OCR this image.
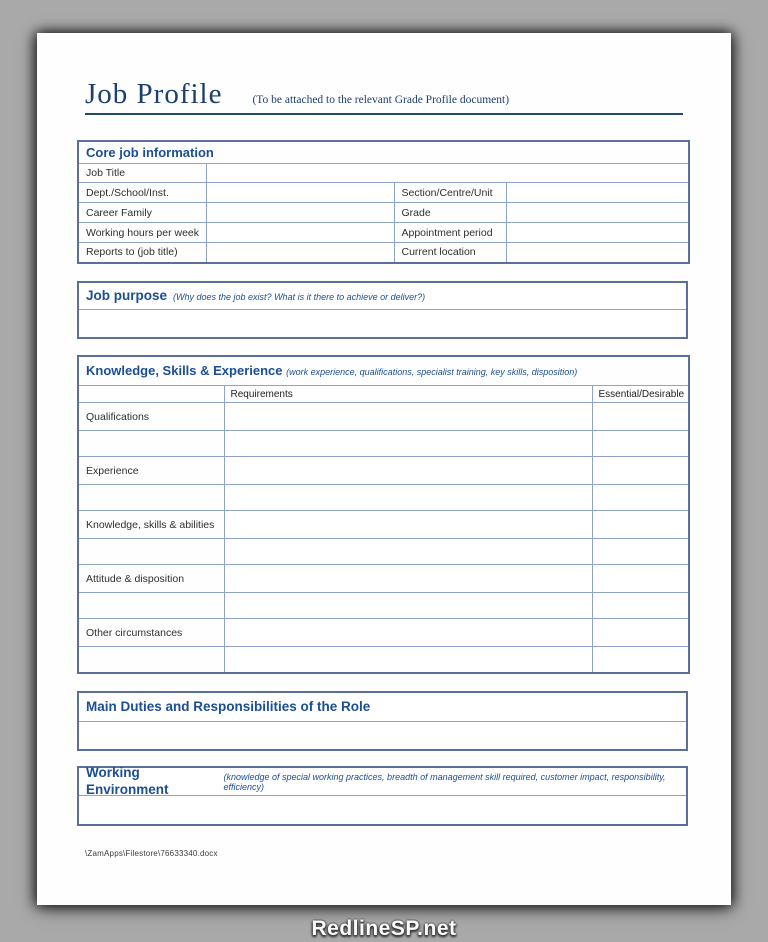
Job Profile	(To be attached to the relevant Grade Profile document)
Core job information			
Job Title			
Dept./School/Inst.		Section/Centre/Unit	
Career Family		Grade	
Working hours per week		Appointment period	
Reports to (job title)		Current location	
Job purpose (Why does the job exist? What is it there to achieve or deliver?)
Knowledge, Skills & Experience (work experience, qualifications, specialist training, key skills, disposition)		
	Requirements	Essential/Desirable
Qualifications		

Experience		

Knowledge, skills & abilities		

Attitude & disposition		

Other circumstances		

Main Duties and Responsibilities of the Role
Working Environment
(knowledge of special working practices, breadth of management skill required, customer impact, responsibility, efficiency)
\ZamApps\Filestore\76633340.docx
RedlineSP.net
